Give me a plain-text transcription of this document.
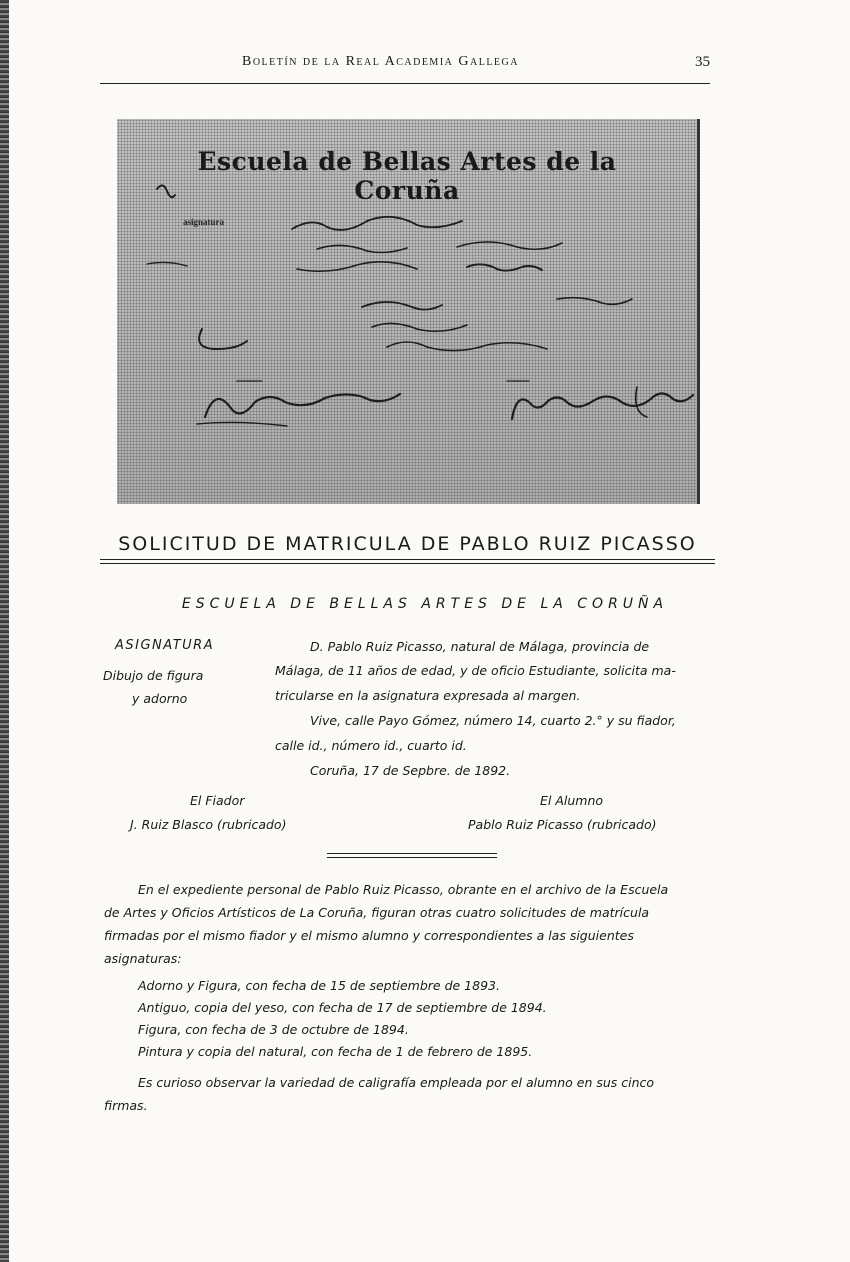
Boletín de la Real Academia Gallega	35
Escuela de Bellas Artes de la Coruña
asignatura
SOLICITUD DE MATRICULA DE PABLO RUIZ PICASSO
ESCUELA DE BELLAS ARTES DE LA CORUÑA
ASIGNATURA
Dibujo de figura
y adorno
D. Pablo Ruiz Picasso, natural de Málaga, provincia de
Málaga, de 11 años de edad, y de oficio Estudiante, solicita ma-
tricularse en la asignatura expresada al margen.
Vive, calle Payo Gómez, número 14, cuarto 2.° y su fiador,
calle id., número id., cuarto id.
Coruña, 17 de Sepbre. de 1892.
El Fiador	El Alumno
J. Ruiz Blasco (rubricado)	Pablo Ruiz Picasso (rubricado)
En el expediente personal de Pablo Ruiz Picasso, obrante en el archivo de la Escuela
de Artes y Oficios Artísticos de La Coruña, figuran otras cuatro solicitudes de matrícula
firmadas por el mismo fiador y el mismo alumno y correspondientes a las siguientes
asignaturas:
Adorno y Figura, con fecha de 15 de septiembre de 1893.
Antiguo, copia del yeso, con fecha de 17 de septiembre de 1894.
Figura, con fecha de 3 de octubre de 1894.
Pintura y copia del natural, con fecha de 1 de febrero de 1895.
Es curioso observar la variedad de caligrafía empleada por el alumno en sus cinco
firmas.
